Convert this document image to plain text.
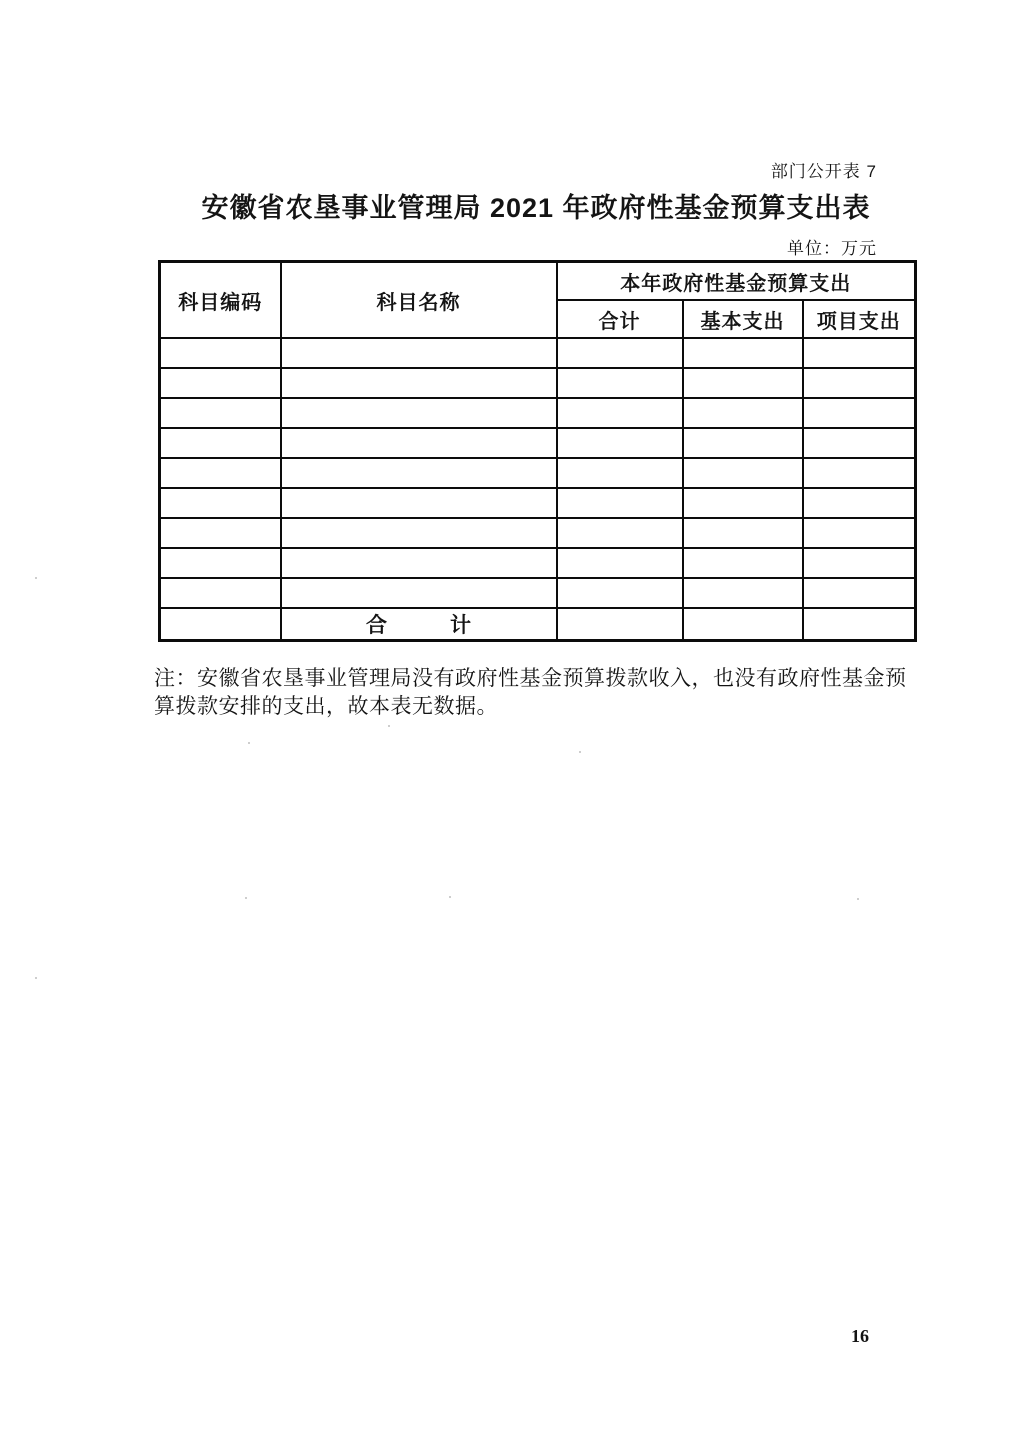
部门公开表 7
安徽省农垦事业管理局 2021 年政府性基金预算支出表
单位：万元
科目编码	科目名称	本年政府性基金预算支出		
		合计	基本支出	项目支出

	合　　　计			
注：安徽省农垦事业管理局没有政府性基金预算拨款收入，也没有政府性基金预
算拨款安排的支出，故本表无数据。
16
